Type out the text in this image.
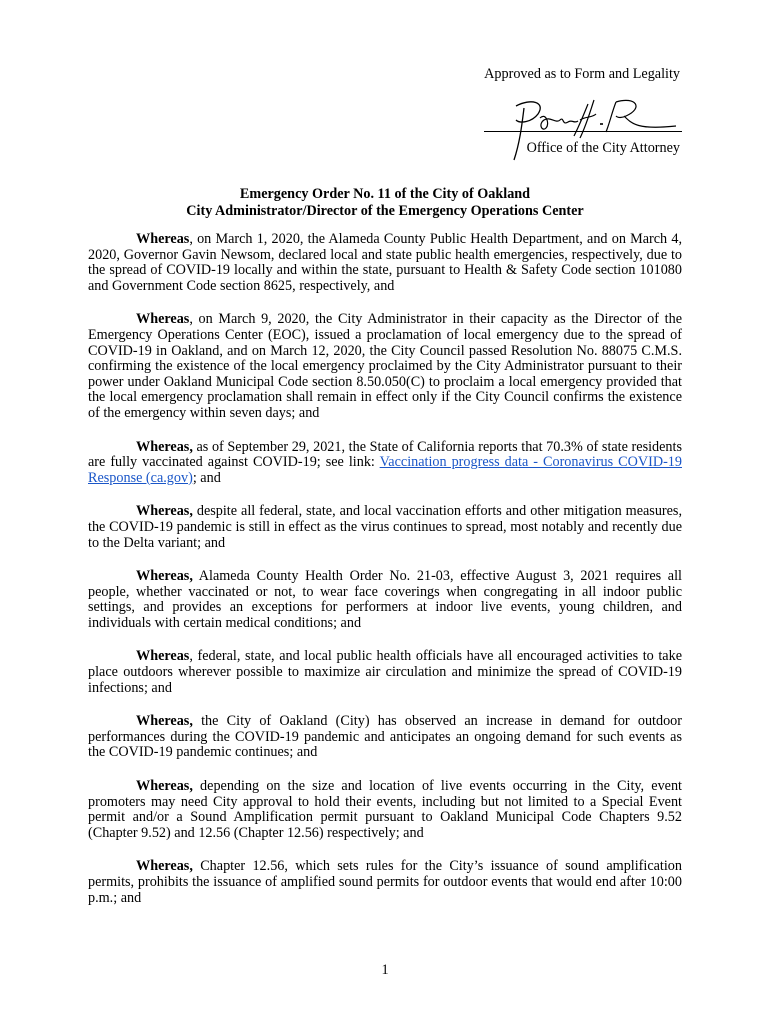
Approved as to Form and Legality
Office of the City Attorney
Emergency Order No. 11 of the City of Oakland
City Administrator/Director of the Emergency Operations Center

Whereas, on March 1, 2020, the Alameda County Public Health Department, and on March 4, 2020, Governor Gavin Newsom, declared local and state public health emergencies, respectively, due to the spread of COVID-19 locally and within the state, pursuant to Health & Safety Code section 101080 and Government Code section 8625, respectively, and

Whereas, on March 9, 2020, the City Administrator in their capacity as the Director of the Emergency Operations Center (EOC), issued a proclamation of local emergency due to the spread of COVID-19 in Oakland, and on March 12, 2020, the City Council passed Resolution No. 88075 C.M.S. confirming the existence of the local emergency proclaimed by the City Administrator pursuant to their power under Oakland Municipal Code section 8.50.050(C) to proclaim a local emergency provided that the local emergency proclamation shall remain in effect only if the City Council confirms the existence of the emergency within seven days; and

Whereas, as of September 29, 2021, the State of California reports that 70.3% of state residents are fully vaccinated against COVID-19; see link: Vaccination progress data - Coronavirus COVID-19 Response (ca.gov); and

Whereas, despite all federal, state, and local vaccination efforts and other mitigation measures, the COVID-19 pandemic is still in effect as the virus continues to spread, most notably and recently due to the Delta variant; and

Whereas, Alameda County Health Order No. 21-03, effective August 3, 2021 requires all people, whether vaccinated or not, to wear face coverings when congregating in all indoor public settings, and provides an exceptions for performers at indoor live events, young children, and individuals with certain medical conditions; and

Whereas, federal, state, and local public health officials have all encouraged activities to take place outdoors wherever possible to maximize air circulation and minimize the spread of COVID-19 infections; and

Whereas, the City of Oakland (City) has observed an increase in demand for outdoor performances during the COVID-19 pandemic and anticipates an ongoing demand for such events as the COVID-19 pandemic continues; and

Whereas, depending on the size and location of live events occurring in the City, event promoters may need City approval to hold their events, including but not limited to a Special Event permit and/or a Sound Amplification permit pursuant to Oakland Municipal Code Chapters 9.52 (Chapter 9.52) and 12.56 (Chapter 12.56) respectively; and

Whereas, Chapter 12.56, which sets rules for the City’s issuance of sound amplification permits, prohibits the issuance of amplified sound permits for outdoor events that would end after 10:00 p.m.; and

1
